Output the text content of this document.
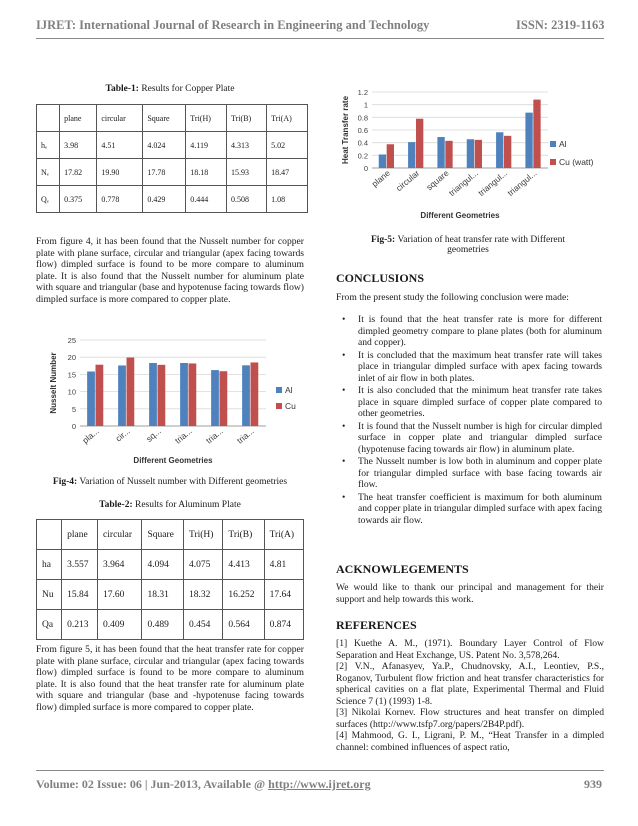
IJRET: International Journal of Research in Engineering and Technology	ISSN: 2319-1163
Table-1: Results for Copper Plate
	plane	circular	Square	Tri(H)	Tri(B)	Tri(A)
hₑ	3.98	4.51	4.024	4.119	4.313	5.02
Nₑ	17.82	19.90	17.78	18.18	15.93	18.47
Qₑ	0.375	0.778	0.429	0.444	0.508	1.08
From figure 4, it has been found that the Nusselt number for copper plate with plane surface, circular and triangular (apex facing towards flow) dimpled surface is found to be more compare to aluminum plate. It is also found that the Nusselt number for aluminum plate with square and triangular (base and hypotenuse facing towards flow) dimpled surface is more compared to copper plate.
0
5
10
15
20
25
pla... cir... sq... tria... tria... tria...
Different Geometries
Nusselt Number	Al
Cu
Fig-4: Variation of Nusselt number with Different geometries
Table-2: Results for Aluminum Plate
	plane	circular	Square	Tri(H)	Tri(B)	Tri(A)
ha	3.557	3.964	4.094	4.075	4.413	4.81
Nu	15.84	17.60	18.31	18.32	16.252	17.64
Qa	0.213	0.409	0.489	0.454	0.564	0.874
From figure 5, it has been found that the heat transfer rate for copper plate with plane surface, circular and triangular (apex facing towards flow) dimpled surface is found to be more compare to aluminum plate. It is also found that the heat transfer rate for aluminum plate with square and triangular (base and -hypotenuse facing towards flow) dimpled surface is more compared to copper plate.
0
0.2
0.4
0.6
0.8
1
1.2
plane circular square
triangul...
triangul...
triangul...
Different Geometries
Heat Transfer rate	Al
Cu (watt)
Fig-5: Variation of heat transfer rate with Different geometries
CONCLUSIONS
From the present study the following conclusion were made:
• It is found that the heat transfer rate is more for different dimpled geometry compare to plane plates (both for aluminum and copper).
• It is concluded that the maximum heat transfer rate will takes place in triangular dimpled surface with apex facing towards inlet of air flow in both plates.
• It is also concluded that the minimum heat transfer rate takes place in square dimpled surface of copper plate compared to other geometries.
• It is found that the Nusselt number is high for circular dimpled surface in copper plate and triangular dimpled surface (hypotenuse facing towards air flow) in aluminum plate.
• The Nusselt number is low both in aluminum and copper plate for triangular dimpled surface with base facing towards air flow.
• The heat transfer coefficient is maximum for both aluminum and copper plate in triangular dimpled surface with apex facing towards air flow.
ACKNOWLEGEMENTS
We would like to thank our principal and management for their support and help towards this work.
REFERENCES
[1] Kuethe A. M., (1971). Boundary Layer Control of Flow Separation and Heat Exchange, US. Patent No. 3,578,264.
[2] V.N., Afanasyev, Ya.P., Chudnovsky, A.I., Leontiev, P.S., Roganov, Turbulent flow friction and heat transfer characteristics for spherical cavities on a flat plate, Experimental Thermal and Fluid Science 7 (1) (1993) 1-8.
[3] Nikolai Kornev. Flow structures and heat transfer on dimpled surfaces (http://www.tsfp7.org/papers/2B4P.pdf).
[4] Mahmood, G. I., Ligrani, P. M., “Heat Transfer in a dimpled channel: combined influences of aspect ratio,
Volume: 02 Issue: 06 | Jun-2013, Available @ http://www.ijret.org	939
